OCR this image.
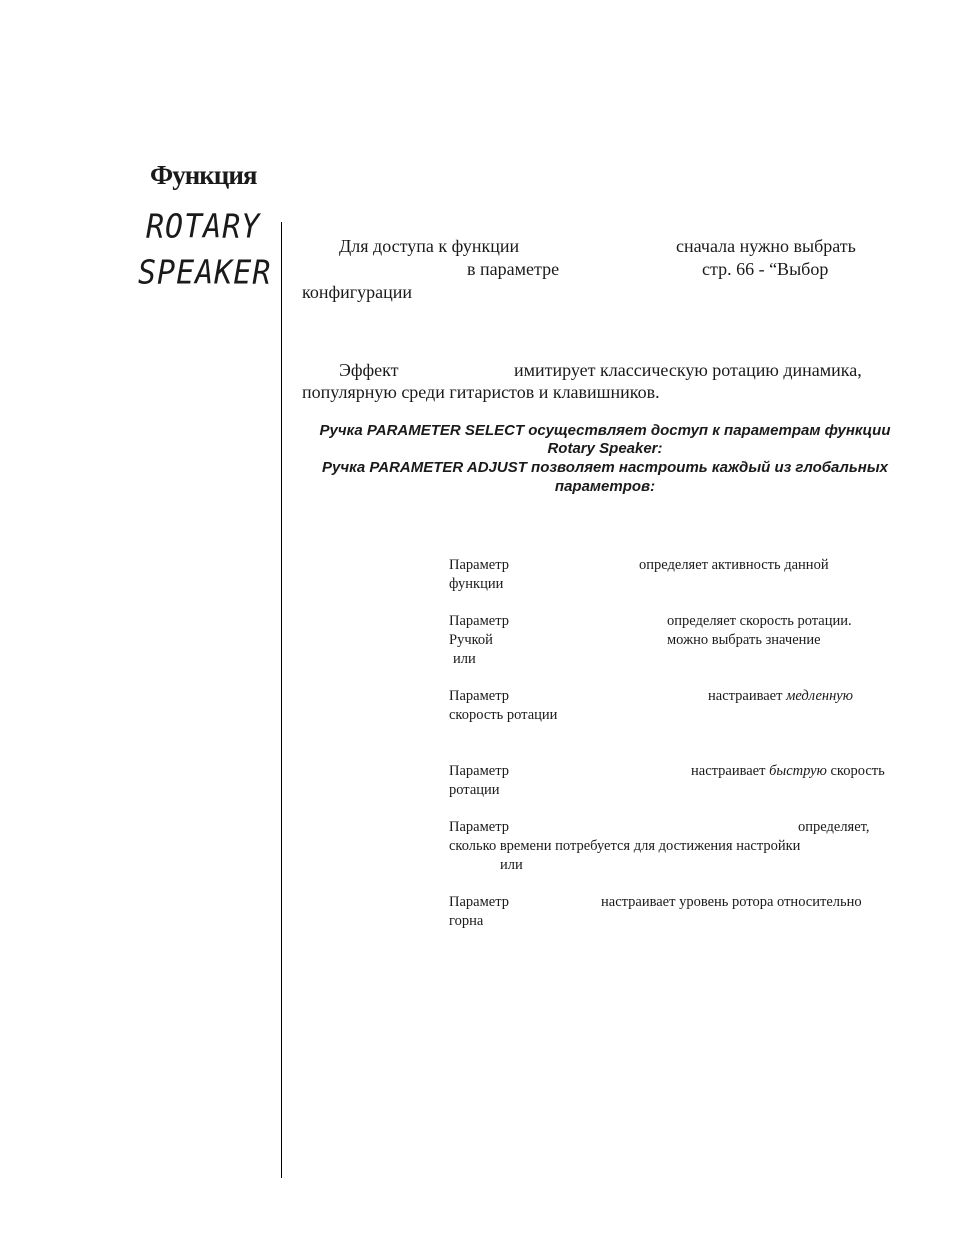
Функция
ROTARY
SPEAKER
Для доступа к функции	сначала нужно выбрать
в параметре	стр. 66 - “Выбор
конфигурации
Эффект	имитирует классическую ротацию динамика,
популярную среди гитаристов и клавишников.
Ручка PARAMETER SELECT осуществляет доступ к параметрам функции
Rotary Speaker:
Ручка PARAMETER ADJUST позволяет настроить каждый из глобальных
параметров:
Параметр	определяет активность данной
функции
Параметр	определяет скорость ротации.
Ручкой	можно выбрать значение
или
Параметр	настраивает медленную
скорость ротации
Параметр	настраивает быструю скорость
ротации
Параметр	определяет,
сколько времени потребуется для достижения настройки
или
Параметр	настраивает уровень ротора относительно
горна
